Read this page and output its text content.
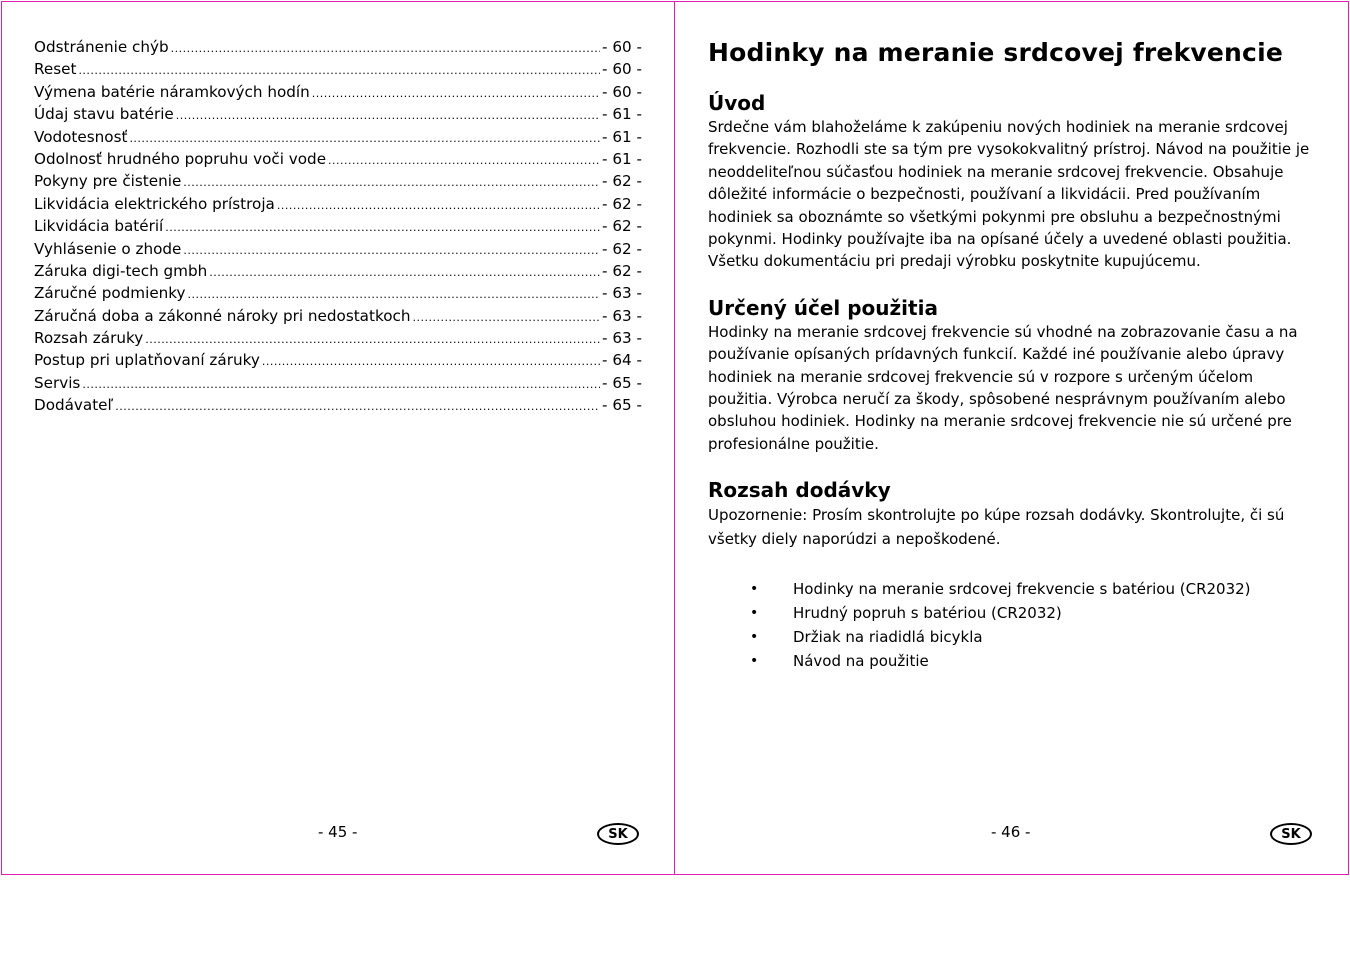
Odstránenie chýb .....	- 60 -
Reset .....	- 60 -
Výmena batérie náramkových hodín .....	- 60 -
Údaj stavu batérie .....	- 61 -
Vodotesnosť .....	- 61 -
Odolnosť hrudného popruhu voči vode .....	- 61 -
Pokyny pre čistenie .....	- 62 -
Likvidácia elektrického prístroja .....	- 62 -
Likvidácia batérií .....	- 62 -
Vyhlásenie o zhode .....	- 62 -
Záruka digi-tech gmbh .....	- 62 -
Záručné podmienky .....	- 63 -
Záručná doba a zákonné nároky pri nedostatkoch .....	- 63 -
Rozsah záruky .....	- 63 -
Postup pri uplatňovaní záruky .....	- 64 -
Servis .....	- 65 -
Dodávateľ .....	- 65 -
- 45 -	SK
Hodinky na meranie srdcovej frekvencie
Úvod

Srdečne vám blahoželáme k zakúpeniu nových hodiniek na meranie srdcovej frekvencie. Rozhodli ste sa tým pre vysokokvalitný prístroj. Návod na použitie je neoddeliteľnou súčasťou hodiniek na meranie srdcovej frekvencie. Obsahuje dôležité informácie o bezpečnosti, používaní a likvidácii. Pred používaním hodiniek sa oboznámte so všetkými pokynmi pre obsluhu a bezpečnostnými pokynmi. Hodinky používajte iba na opísané účely a uvedené oblasti použitia. Všetku dokumentáciu pri predaji výrobku poskytnite kupujúcemu.

Určený účel použitia

Hodinky na meranie srdcovej frekvencie sú vhodné na zobrazovanie času a na používanie opísaných prídavných funkcií. Každé iné používanie alebo úpravy hodiniek na meranie srdcovej frekvencie sú v rozpore s určeným účelom použitia. Výrobca neručí za škody, spôsobené nesprávnym používaním alebo obsluhou hodiniek. Hodinky na meranie srdcovej frekvencie nie sú určené pre profesionálne použitie.

Rozsah dodávky

Upozornenie: Prosím skontrolujte po kúpe rozsah dodávky. Skontrolujte, či sú všetky diely naporúdzi a nepoškodené.

• Hodinky na meranie srdcovej frekvencie s batériou (CR2032)
• Hrudný popruh s batériou (CR2032)
• Držiak na riadidlá bicykla
• Návod na použitie
- 46 -	SK
